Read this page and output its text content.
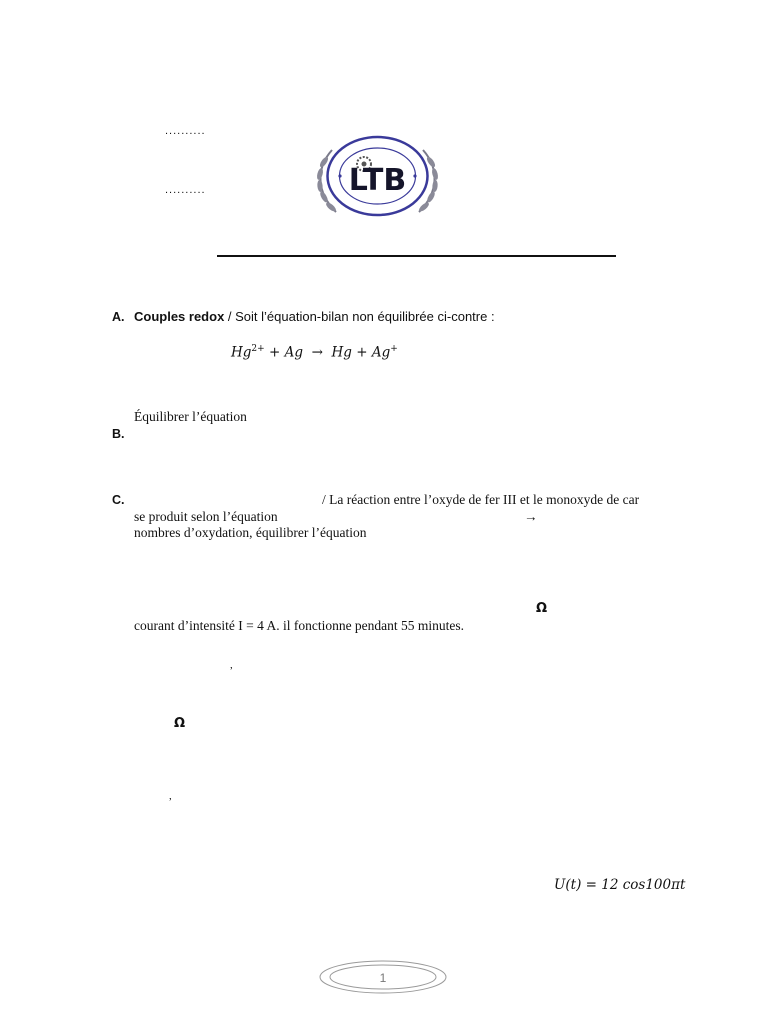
..........
..........	LTB
A. Couples redox / Soit l’équation-bilan non équilibrée ci-contre :
$Hg^{2+} + Ag \to Hg + Ag^+$
Équilibrer l’équation
B.
C.	/ La réaction entre l’oxyde de fer III et le monoxyde de car
se produit selon l’équation	→
nombres d’oxydation, équilibrer l’équation
Ω
courant d’intensité I = 4 A. il fonctionne pendant 55 minutes.
,
Ω
,
U(t) = 12 cos100πt
1
